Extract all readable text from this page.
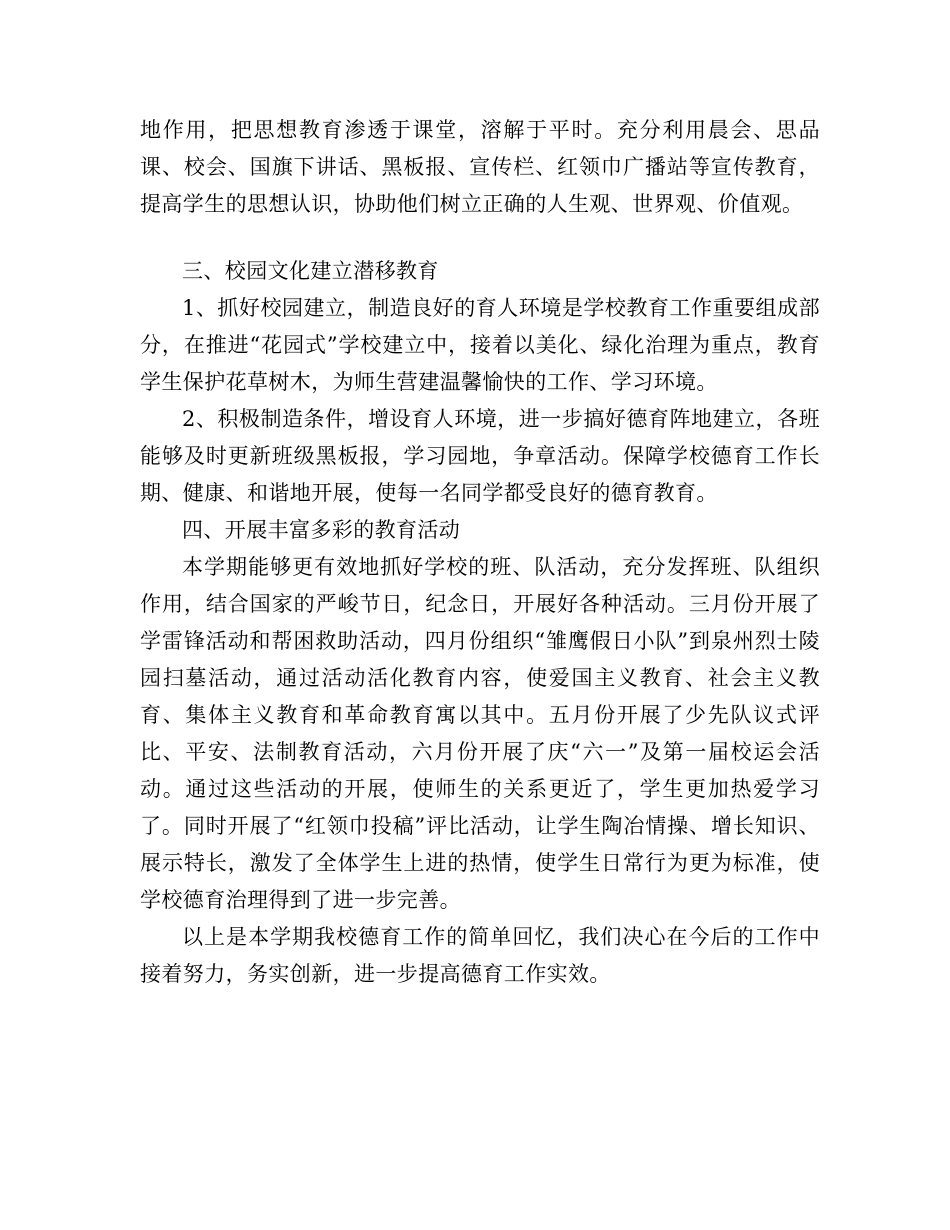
地作用，把思想教育渗透于课堂，溶解于平时。充分利用晨会、思品课、校会、国旗下讲话、黑板报、宣传栏、红领巾广播站等宣传教育，提高学生的思想认识，协助他们树立正确的人生观、世界观、价值观。

三、校园文化建立潜移教育

1、抓好校园建立，制造良好的育人环境是学校教育工作重要组成部分，在推进“花园式”学校建立中，接着以美化、绿化治理为重点，教育学生保护花草树木，为师生营建温馨愉快的工作、学习环境。

2、积极制造条件，增设育人环境，进一步搞好德育阵地建立，各班能够及时更新班级黑板报，学习园地，争章活动。保障学校德育工作长期、健康、和谐地开展，使每一名同学都受良好的德育教育。

四、开展丰富多彩的教育活动

本学期能够更有效地抓好学校的班、队活动，充分发挥班、队组织作用，结合国家的严峻节日，纪念日，开展好各种活动。三月份开展了学雷锋活动和帮困救助活动，四月份组织“雏鹰假日小队”到泉州烈士陵园扫墓活动，通过活动活化教育内容，使爱国主义教育、社会主义教育、集体主义教育和革命教育寓以其中。五月份开展了少先队议式评比、平安、法制教育活动，六月份开展了庆“六一”及第一届校运会活动。通过这些活动的开展，使师生的关系更近了，学生更加热爱学习了。同时开展了“红领巾投稿”评比活动，让学生陶冶情操、增长知识、展示特长，激发了全体学生上进的热情，使学生日常行为更为标准，使学校德育治理得到了进一步完善。

以上是本学期我校德育工作的简单回忆，我们决心在今后的工作中接着努力，务实创新，进一步提高德育工作实效。
